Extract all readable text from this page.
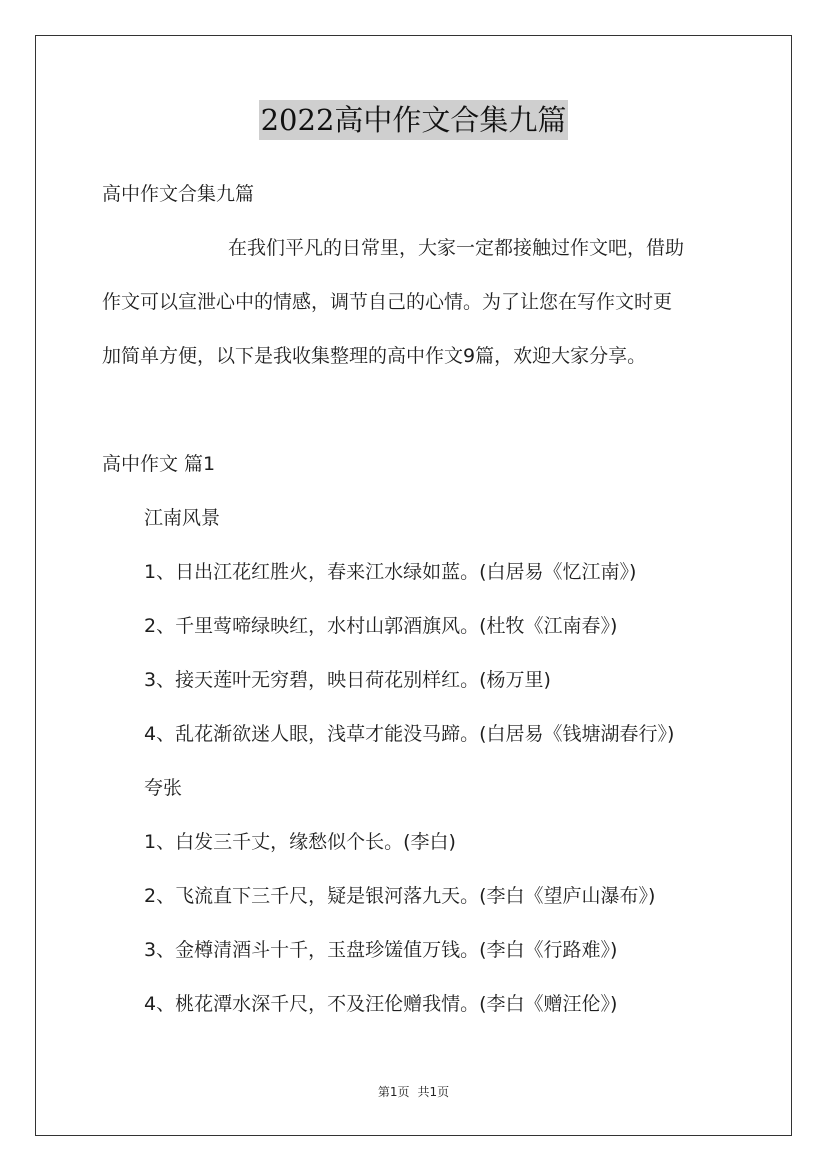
2022高中作文合集九篇
高中作文合集九篇
在我们平凡的日常里，大家一定都接触过作文吧，借助
作文可以宣泄心中的情感，调节自己的心情。为了让您在写作文时更
加简单方便，以下是我收集整理的高中作文9篇，欢迎大家分享。
高中作文 篇1
江南风景
1、日出江花红胜火，春来江水绿如蓝。(白居易《忆江南》)
2、千里莺啼绿映红，水村山郭酒旗风。(杜牧《江南春》)
3、接天莲叶无穷碧，映日荷花别样红。(杨万里)
4、乱花渐欲迷人眼，浅草才能没马蹄。(白居易《钱塘湖春行》)
夸张
1、白发三千丈，缘愁似个长。(李白)
2、飞流直下三千尺，疑是银河落九天。(李白《望庐山瀑布》)
3、金樽清酒斗十千，玉盘珍馐值万钱。(李白《行路难》)
4、桃花潭水深千尺，不及汪伦赠我情。(李白《赠汪伦》)
第1页 共1页
